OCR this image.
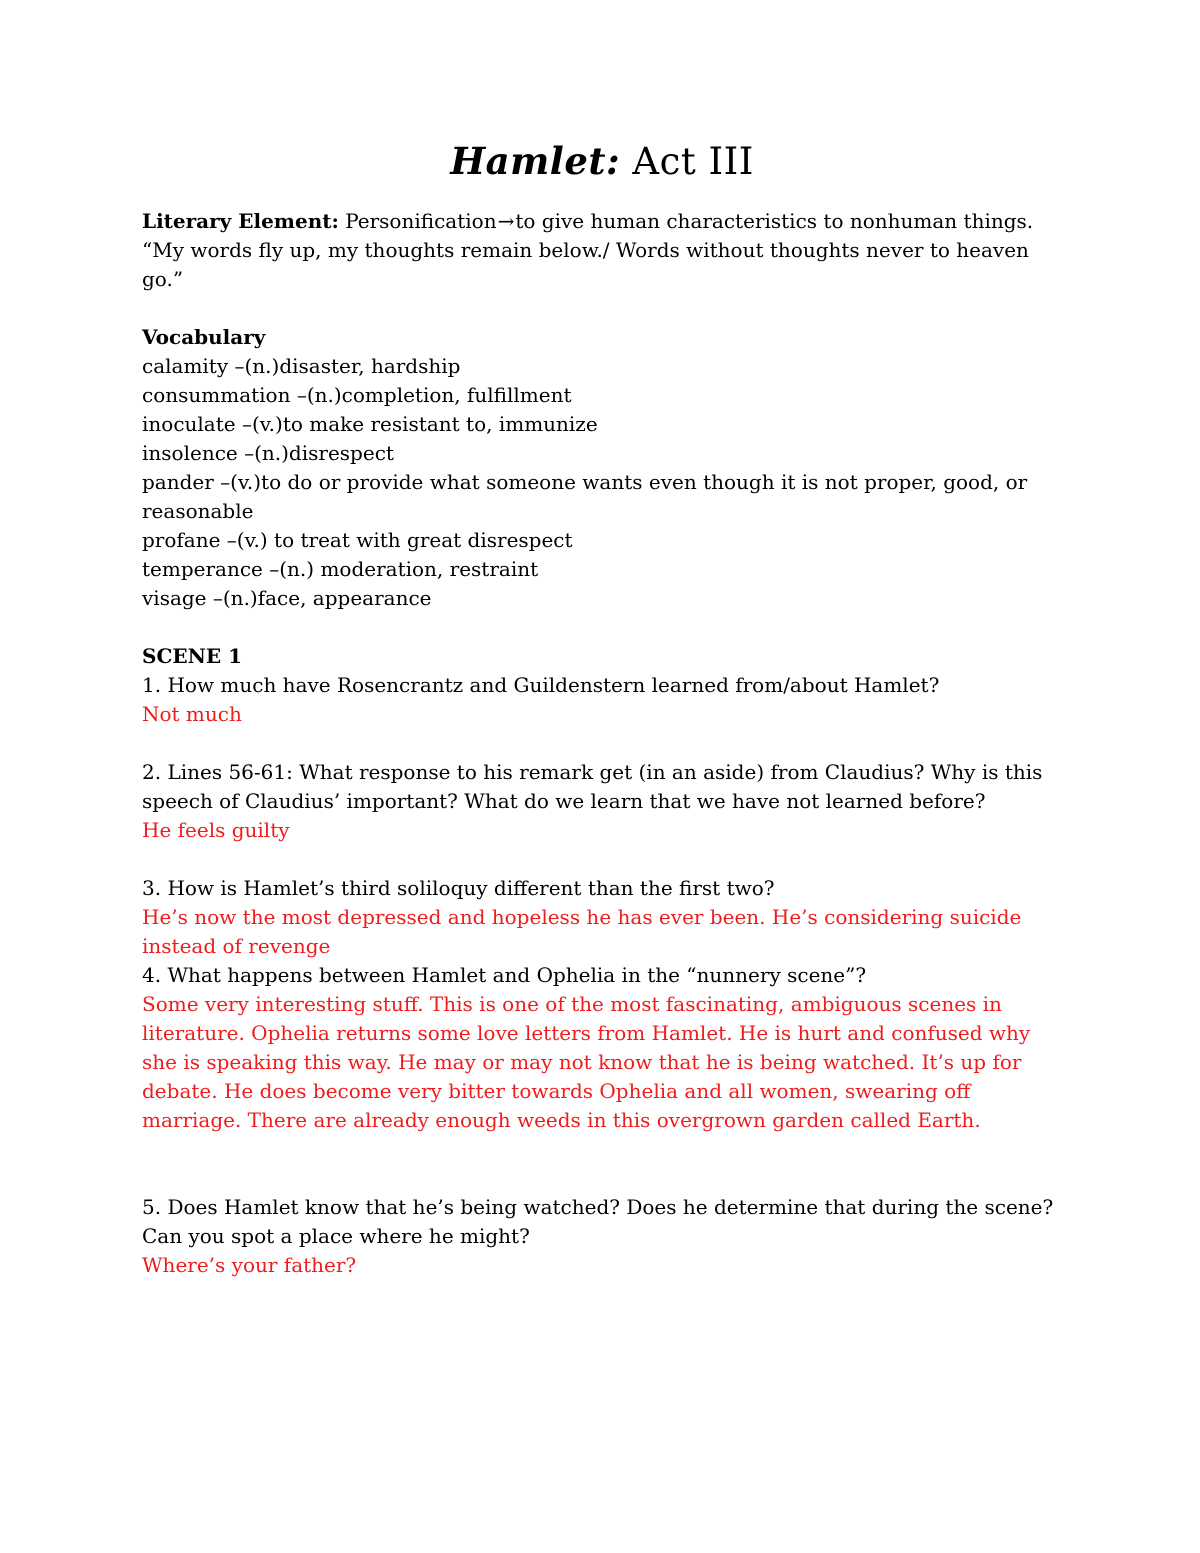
Hamlet: Act III

Literary Element: Personification→to give human characteristics to nonhuman things.

“My words fly up, my thoughts remain below./ Words without thoughts never to heaven go.”

Vocabulary

calamity –(n.)disaster, hardship

consummation –(n.)completion, fulfillment

inoculate –(v.)to make resistant to, immunize

insolence –(n.)disrespect

pander –(v.)to do or provide what someone wants even though it is not proper, good, or reasonable

profane –(v.) to treat with great disrespect

temperance –(n.) moderation, restraint

visage –(n.)face, appearance

SCENE 1

1. How much have Rosencrantz and Guildenstern learned from/about Hamlet?

Not much

2. Lines 56-61: What response to his remark get (in an aside) from Claudius? Why is this speech of Claudius’ important? What do we learn that we have not learned before?

He feels guilty

3. How is Hamlet’s third soliloquy different than the first two?

He’s now the most depressed and hopeless he has ever been. He’s considering suicide instead of revenge

4. What happens between Hamlet and Ophelia in the “nunnery scene”?

Some very interesting stuff. This is one of the most fascinating, ambiguous scenes in literature. Ophelia returns some love letters from Hamlet. He is hurt and confused why she is speaking this way. He may or may not know that he is being watched. It’s up for debate. He does become very bitter towards Ophelia and all women, swearing off marriage. There are already enough weeds in this overgrown garden called Earth.

5. Does Hamlet know that he’s being watched? Does he determine that during the scene? Can you spot a place where he might?

Where’s your father?
